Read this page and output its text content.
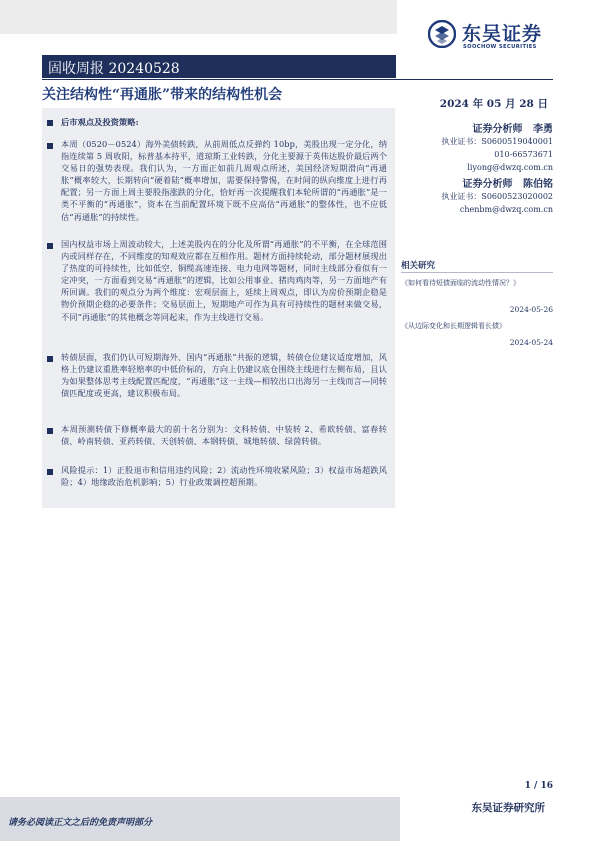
东吴证券
SOOCHOW SECURITIES
固收周报 20240528
关注结构性“再通胀”带来的结构性机会
2024 年 05 月 28 日
后市观点及投资策略:
本周（0520－0524）海外美债转跌，从前周低点反弹约 10bp，美股出现一定分化，纳指连续第 5 周收阳，标普基本持平，道琼斯工业转跌，分化主要源于英伟达股价最后两个交易日的强势表现。我们认为，一方面正如前几周观点所述，美国经济短期滑向“再通胀”概率较大，长期转向“硬着陆”概率增加，需要保持警惕，在时间的纵向维度上进行再配置；另一方面上周主要股指涨跌的分化，恰好再一次提醒我们本轮所谓的“再通胀”是一类不平衡的“再通胀”，资本在当前配置环境下既不应高估“再通胀”的整体性，也不应低估“再通胀”的持续性。
国内权益市场上周波动较大，上述美股内在的分化及所谓“再通胀”的不平衡，在全球范围内或同样存在，不同维度的知观效应都在互相作用。题材方面持续轮动，部分题材展现出了热度的可持续性，比如低空、铜缆高速连接、电力电网等题材，同时主线部分看似有一定冲突，一方面看到交易“再通胀”的逻辑，比如公用事业、猪肉鸡肉等，另一方面地产有所回调。我们的观点分为两个维度：宏观层面上，延续上周观点，即认为房价预期企稳是物价预期企稳的必要条件；交易层面上，短期地产可作为具有可持续性的题材来做交易，不同“再通胀”的其他概念等同起来，作为主线进行交易。
转债层面，我们仍认可短期海外、国内“再通胀”共振的逻辑，转债仓位建议适度增加，风格上仍建议重胜率轻赔率的中低价标的，方向上仍建议底仓围绕主线进行左侧布局，且认为如果整体思考主线配置匹配度，“再通胀”这一主线—相较出口出海另一主线而言—同转债匹配度或更高，建议积极布局。
本周预测转债下修概率最大的前十名分别为：文科转债、中装转 2、希欧转债、富春转债、岭南转债、亚药转债、天创转债、本钢转债、城地转债、绿茵转债。
风险提示：1）正股退市和信用违约风险；2）流动性环境收紧风险；3）权益市场超跌风险；4）地缘政治危机影响；5）行业政策调控超预期。
证券分析师 李勇
执业证书：S0600519040001
010-66573671
liyong@dwzq.com.cn
证券分析师 陈伯铭
执业证书：S0600523020002
chenbm@dwzq.com.cn
相关研究
《如何看待短债面临的流动性情况？》
2024-05-26
《从边际变化和长期逻辑看长债》
2024-05-24
1 / 16
请务必阅读正文之后的免责声明部分
东吴证券研究所
